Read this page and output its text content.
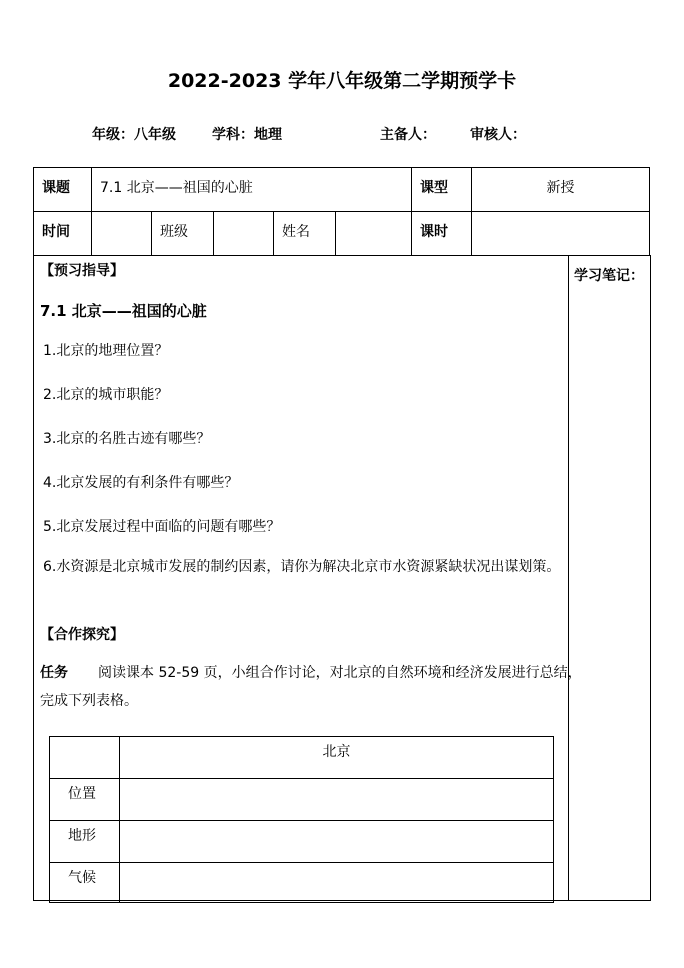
2022-2023 学年八年级第二学期预学卡
年级：八年级	学科：地理	主备人： 审核人：
课题	7.1 北京——祖国的心脏					课型	新授
时间		班级		姓名		课时	
学习笔记：
【预习指导】
7.1 北京——祖国的心脏
1.北京的地理位置？
2.北京的城市职能？
3.北京的名胜古迹有哪些？
4.北京发展的有利条件有哪些？
5.北京发展过程中面临的问题有哪些？
6.水资源是北京城市发展的制约因素，请你为解决北京市水资源紧缺状况出谋划策。
【合作探究】
任务 阅读课本 52-59 页，小组合作讨论，对北京的自然环境和经济发展进行总结，
完成下列表格。
	北京
位置	
地形	
气候	
